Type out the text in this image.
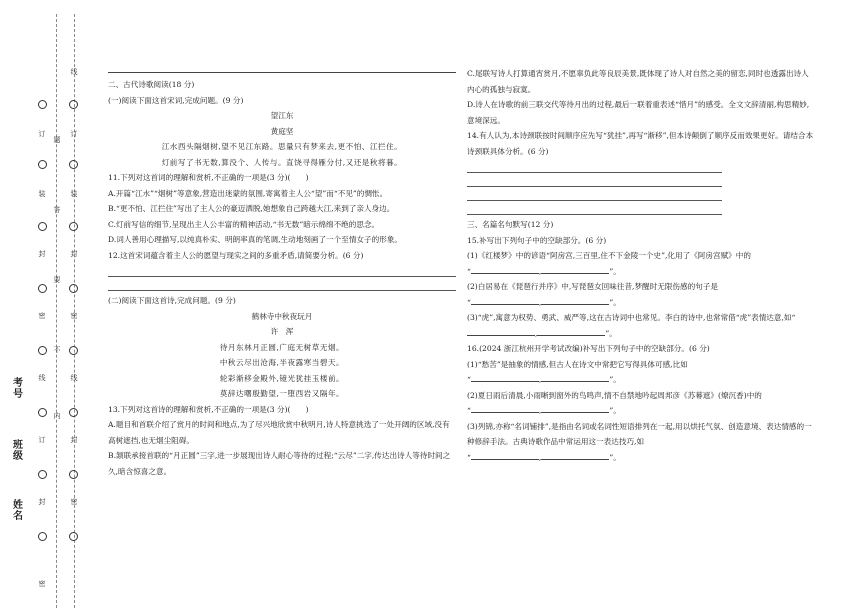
线
订
装
封
密
线
封
密
题
答
要
不
内
订
装
封
密
线
订
封
密
考号
班级
姓名

二、古代诗歌阅读(18 分)

(一)阅读下面这首宋词,完成问题。(9 分)

望江东

黄庭坚

江水西头隔烟树,望不见江东路。思量只有梦来去,更不怕、江拦住。

灯前写了书无数,算没个、人传与。直饶寻得雁分付,又还是秋将暮。

11.下列对这首词的理解和赏析,不正确的一项是(3 分)(　　)

A.开篇“江水”“烟树”等意象,营造出迷蒙的氛围,寄寓着主人公“望”而“不见”的惆怅。

B.“更不怕、江拦住”写出了主人公的豪迈洒脱,她想象自己跨越大江,来到了亲人身边。

C.灯前写信的细节,呈现出主人公丰富的精神活动,“书无数”暗示绵绵不绝的思念。

D.词人善用心理描写,以纯真朴实、明朗率真的笔调,生动地刻画了一个至情女子的形象。

12.这首宋词蕴含着主人公的愿望与现实之间的多重矛盾,请简要分析。(6 分)

(二)阅读下面这首诗,完成问题。(9 分)

鹤林寺中秋夜玩月

许　浑

待月东林月正圆,广庭无树草无烟。

中秋云尽出沧海,半夜露寒当碧天。

轮彩渐移金殿外,镜光犹挂玉楼前。

莫辞达曙殷勤望,一堕西岩又隔年。

13.下列对这首诗的理解和赏析,不正确的一项是(3 分)(　　)

A.题目和首联介绍了赏月的时间和地点,为了尽兴地欣赏中秋明月,诗人特意挑选了一处开阔的区域,没有高树遮挡,也无烟尘阻碍。

B.颔联承接首联的“月正圆”三字,进一步展现出诗人耐心等待的过程;“云尽”二字,传达出诗人等待时间之久,暗含惊喜之意。

C.尾联写诗人打算通宵赏月,不愿辜负此等良辰美景,既体现了诗人对自然之美的留恋,同时也透露出诗人内心的孤独与寂寞。

D.诗人在诗歌的前三联交代等待月出的过程,最后一联着重表述“惜月”的感受。全文文辞清丽,构思精妙,意境深远。

14.有人认为,本诗颈联按时间顺序应先写“犹挂”,再写“渐移”,但本诗颠倒了顺序反而效果更好。请结合本诗颈联具体分析。(6 分)

三、名篇名句默写(12 分)

15.补写出下列句子中的空缺部分。(6 分)

(1)《红楼梦》中的谚语“阿房宫,三百里,住不下金陵一个史”,化用了《阿房宫赋》中的

“	,	”。

(2)白居易在《琵琶行并序》中,写琵琶女回味往昔,梦醒时无限伤感的句子是

“	,	”。

(3)“虎”,寓意为权势、勇武、威严等,这在古诗词中也常见。李白的诗中,也常常借“虎”表情达意,如“,	”。

16.(2024 浙江杭州开学考试改编)补写出下列句子中的空缺部分。(6 分)

(1)“愁苦”是抽象的情感,但古人在诗文中常把它写得具体可感,比如

“	,	”。

(2)夏日雨后清晨,小雨晰到窗外的鸟鸣声,情不自禁地吟起周邦彦《苏幕遮》(燎沉香)中的

“	,	”。

(3)列锦,亦称“名词铺排”,是指由名词或名词性短语排列在一起,用以烘托气氛、创造意境、表达情感的一种修辞手法。古典诗歌作品中常运用这一表达技巧,如

“	,	”。
